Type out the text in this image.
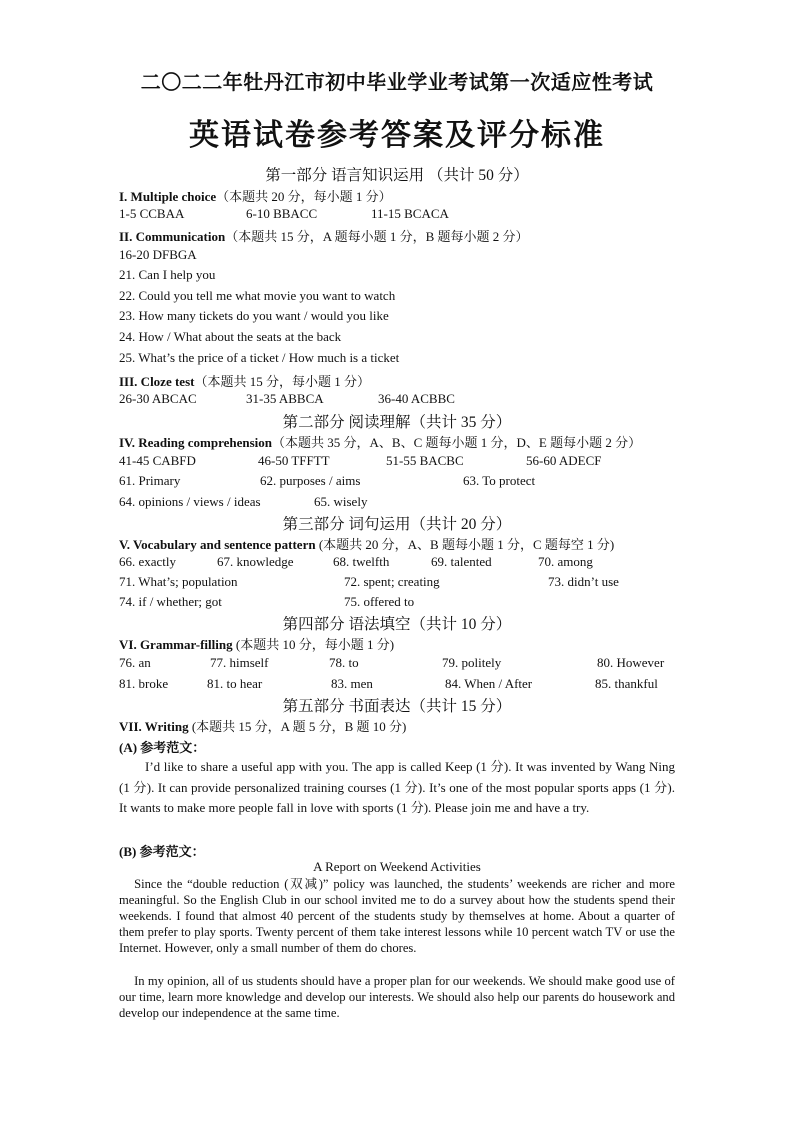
二〇二二年牡丹江市初中毕业学业考试第一次适应性考试
英语试卷参考答案及评分标准
第一部分 语言知识运用 （共计 50 分）
I. Multiple choice（本题共 20 分，每小题 1 分）
1-5 CCBAA	6-10 BBACC	11-15 BCACA
II. Communication（本题共 15 分，A 题每小题 1 分，B 题每小题 2 分）
16-20 DFBGA
21. Can I help you
22. Could you tell me what movie you want to watch
23. How many tickets do you want / would you like
24. How / What about the seats at the back
25. What’s the price of a ticket / How much is a ticket
III. Cloze test（本题共 15 分，每小题 1 分）
26-30 ABCAC	31-35 ABBCA	36-40 ACBBC
第二部分 阅读理解（共计 35 分）
IV. Reading comprehension（本题共 35 分，A、B、C 题每小题 1 分，D、E 题每小题 2 分）
41-45 CABFD	46-50 TFFTT	51-55 BACBC	56-60 ADECF
61. Primary	62. purposes / aims	63. To protect
64. opinions / views / ideas	65. wisely
第三部分 词句运用（共计 20 分）
V. Vocabulary and sentence pattern (本题共 20 分，A、B 题每小题 1 分，C 题每空 1 分)
66. exactly	67. knowledge	68. twelfth	69. talented	70. among
71. What’s; population	72. spent; creating	73. didn’t use
74. if / whether; got	75. offered to
第四部分 语法填空（共计 10 分）
VI. Grammar-filling (本题共 10 分，每小题 1 分)
76. an	77. himself	78. to	79. politely	80. However
81. broke	81. to hear	83. men	84. When / After	85. thankful
第五部分 书面表达（共计 15 分）
VII. Writing (本题共 15 分，A 题 5 分，B 题 10 分)
(A) 参考范文：
I’d like to share a useful app with you. The app is called Keep (1 分). It was invented by Wang Ning (1 分). It can provide personalized training courses (1 分). It’s one of the most popular sports apps (1 分). It wants to make more people fall in love with sports (1 分). Please join me and have a try.
(B) 参考范文：
A Report on Weekend Activities
Since the “double reduction (双减)” policy was launched, the students’ weekends are richer and more meaningful. So the English Club in our school invited me to do a survey about how the students spend their weekends. I found that almost 40 percent of the students study by themselves at home. About a quarter of them prefer to play sports. Twenty percent of them take interest lessons while 10 percent watch TV or use the Internet. However, only a small number of them do chores.
In my opinion, all of us students should have a proper plan for our weekends. We should make good use of our time, learn more knowledge and develop our interests. We should also help our parents do housework and develop our independence at the same time.
